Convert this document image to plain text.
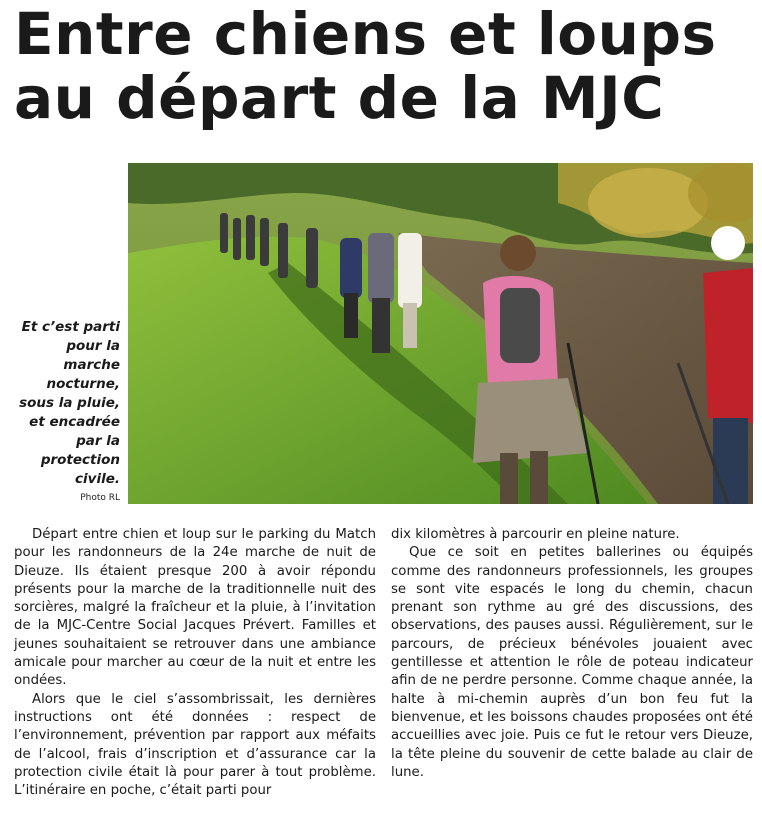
Entre chiens et loups
au départ de la MJC
Et c’est parti pour la marche nocturne, sous la pluie, et encadrée par la protection civile.
Photo RL

Départ entre chien et loup sur le parking du Match pour les randonneurs de la 24e marche de nuit de Dieuze. Ils étaient presque 200 à avoir répondu présents pour la marche de la traditionnelle nuit des sorcières, malgré la fraîcheur et la pluie, à l’invitation de la MJC-Centre Social Jacques Prévert. Familles et jeunes souhaitaient se retrouver dans une ambiance amicale pour marcher au cœur de la nuit et entre les ondées.

Alors que le ciel s’assombrissait, les dernières instructions ont été données : respect de l’environnement, prévention par rapport aux méfaits de l’alcool, frais d’inscription et d’assurance car la protection civile était là pour parer à tout problème. L’itinéraire en poche, c’était parti pour

dix kilomètres à parcourir en pleine nature.

Que ce soit en petites ballerines ou équipés comme des randonneurs professionnels, les groupes se sont vite espacés le long du chemin, chacun prenant son rythme au gré des discussions, des observations, des pauses aussi. Régulièrement, sur le parcours, de précieux bénévoles jouaient avec gentillesse et attention le rôle de poteau indicateur afin de ne perdre personne. Comme chaque année, la halte à mi-chemin auprès d’un bon feu fut la bienvenue, et les boissons chaudes proposées ont été accueillies avec joie. Puis ce fut le retour vers Dieuze, la tête pleine du souvenir de cette balade au clair de lune.
